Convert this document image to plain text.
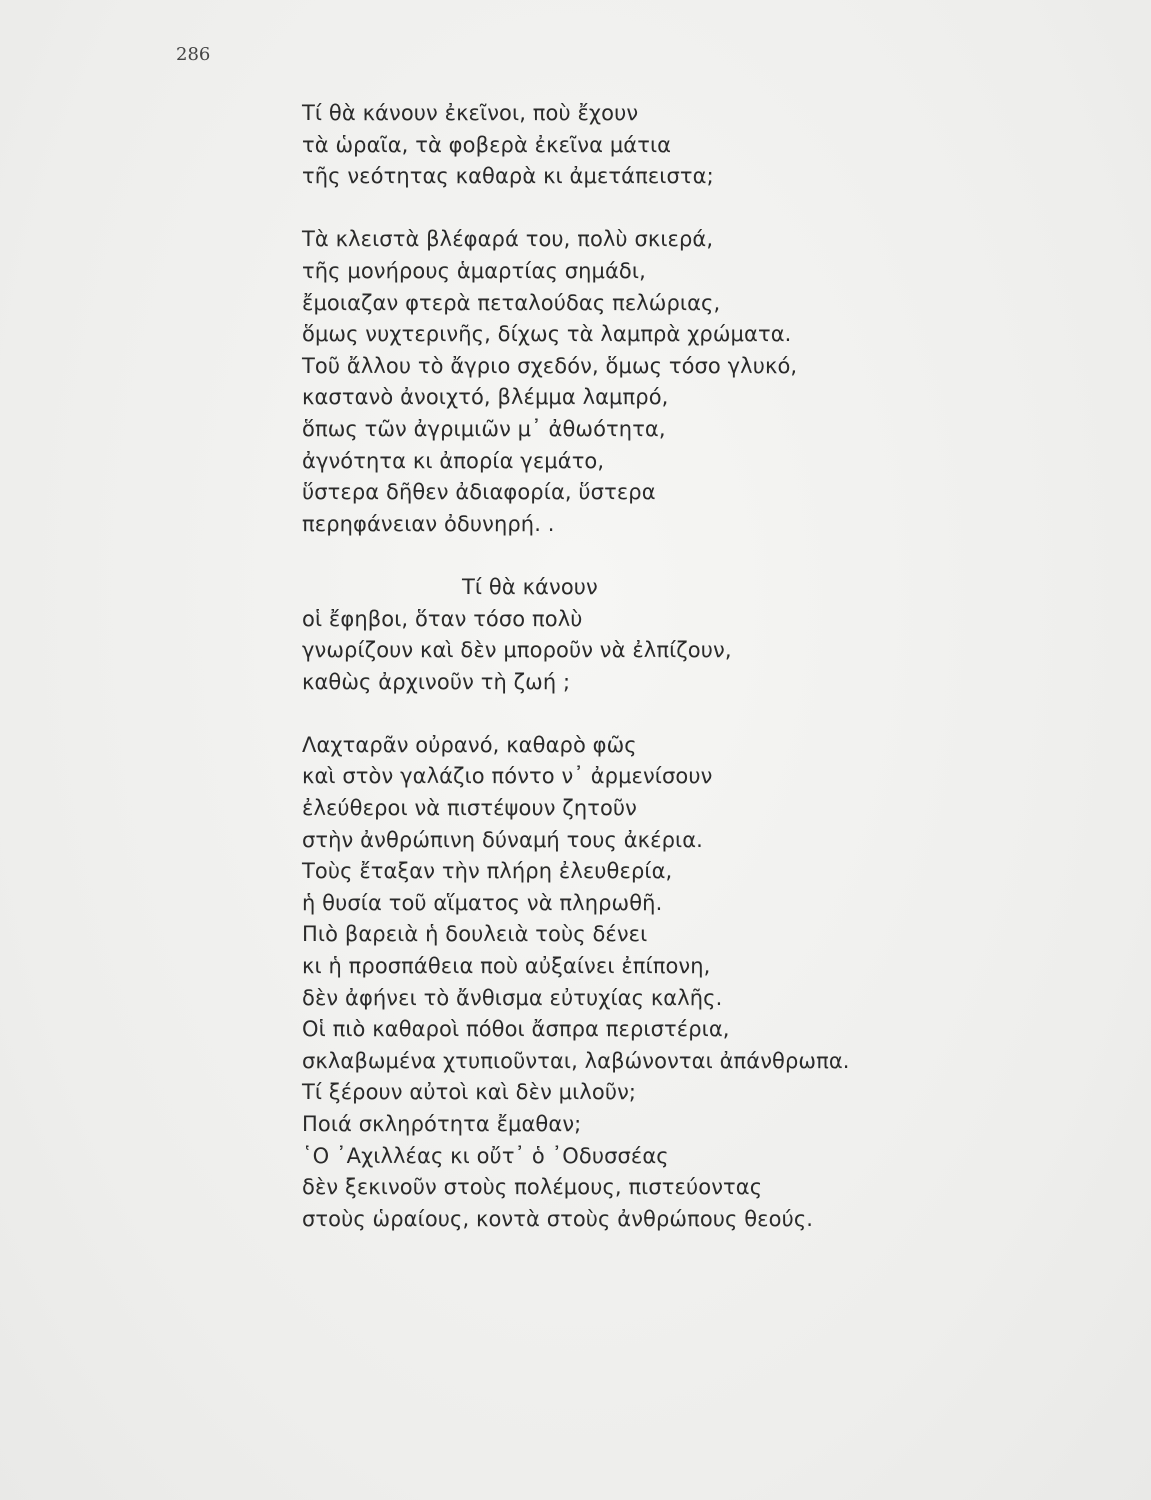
286
Τί θὰ κάνουν ἐκεῖνοι, ποὺ ἔχουν
τὰ ὡραῖα, τὰ φοβερὰ ἐκεῖνα μάτια
τῆς νεότητας καθαρὰ κι ἀμετάπειστα;
Τὰ κλειστὰ βλέφαρά του, πολὺ σκιερά,
τῆς μονήρους ἁμαρτίας σημάδι,
ἔμοιαζαν φτερὰ πεταλούδας πελώριας,
ὅμως νυχτερινῆς, δίχως τὰ λαμπρὰ χρώματα.
Τοῦ ἄλλου τὸ ἄγριο σχεδόν, ὅμως τόσο γλυκό,
καστανὸ ἀνοιχτό, βλέμμα λαμπρό,
ὅπως τῶν ἀγριμιῶν μ᾽ ἀθωότητα,
ἀγνότητα κι ἀπορία γεμάτο,
ὕστερα δῆθεν ἀδιαφορία, ὕστερα
περηφάνειαν ὀδυνηρή. .
Τί θὰ κάνουν
οἱ ἔφηβοι, ὅταν τόσο πολὺ
γνωρίζουν καὶ δὲν μποροῦν νὰ ἐλπίζουν,
καθὼς ἀρχινοῦν τὴ ζωή ;
Λαχταρᾶν οὐρανό, καθαρὸ φῶς
καὶ στὸν γαλάζιο πόντο ν᾽ ἀρμενίσουν
ἐλεύθεροι νὰ πιστέψουν ζητοῦν
στὴν ἀνθρώπινη δύναμή τους ἀκέρια.
Τοὺς ἔταξαν τὴν πλήρη ἐλευθερία,
ἡ θυσία τοῦ αἵματος νὰ πληρωθῆ.
Πιὸ βαρειὰ ἡ δουλειὰ τοὺς δένει
κι ἡ προσπάθεια ποὺ αὐξαίνει ἐπίπονη,
δὲν ἀφήνει τὸ ἄνθισμα εὐτυχίας καλῆς.
Οἱ πιὸ καθαροὶ πόθοι ἄσπρα περιστέρια,
σκλαβωμένα χτυπιοῦνται, λαβώνονται ἀπάνθρωπα.
Τί ξέρουν αὐτοὶ καὶ δὲν μιλοῦν;
Ποιά σκληρότητα ἔμαθαν;
῾Ο ᾽Αχιλλέας κι οὔτ᾽ ὁ ᾽Οδυσσέας
δὲν ξεκινοῦν στοὺς πολέμους, πιστεύοντας
στοὺς ὡραίους, κοντὰ στοὺς ἀνθρώπους θεούς.
